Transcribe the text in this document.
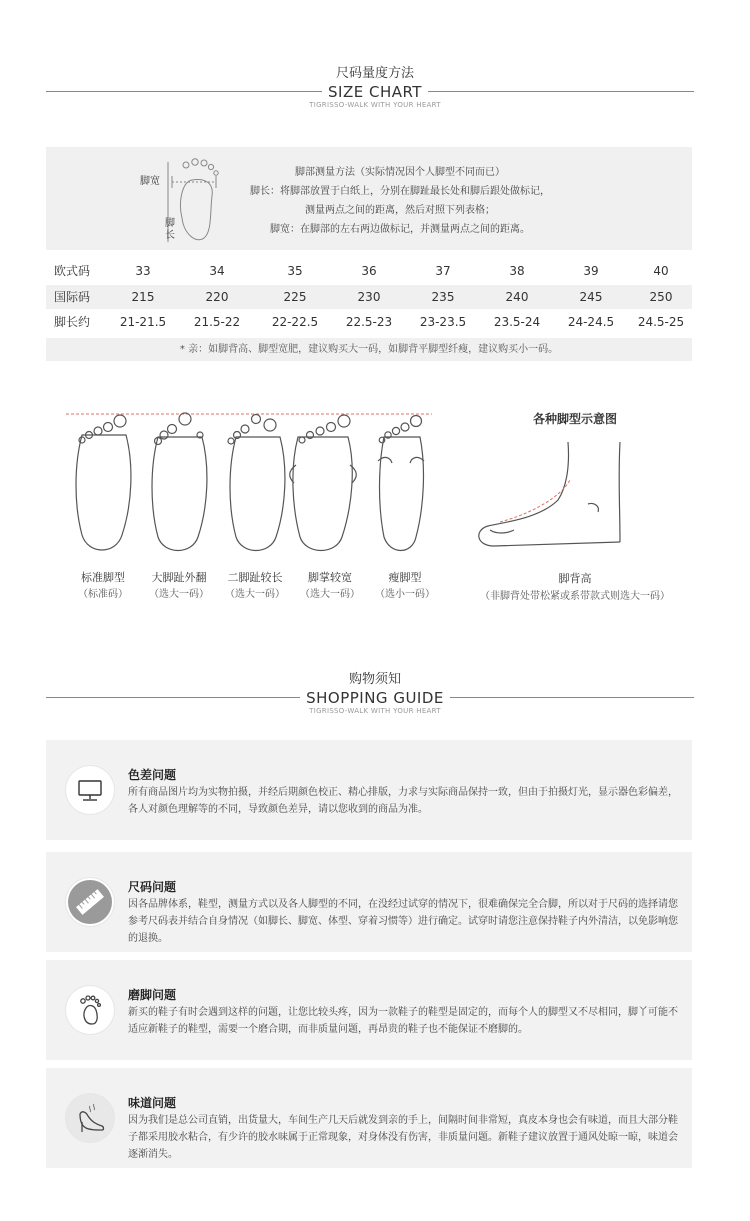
尺码量度方法
SIZE CHART
TIGRISSO-WALK WITH YOUR HEART
脚宽
脚长
脚部测量方法（实际情况因个人脚型不同而已）
脚长：将脚部放置于白纸上，分别在脚趾最长处和脚后跟处做标记，
测量两点之间的距离，然后对照下列表格；
脚宽：在脚部的左右两边做标记，并测量两点之间的距离。
欧式码	33	34	35	36	37	38	39	40
国际码	215	220	225	230	235	240	245	250
脚长约	21-21.5	21.5-22	22-22.5	22.5-23	23-23.5	23.5-24	24-24.5	24.5-25
* 亲：如脚背高、脚型宽肥，建议购买大一码，如脚背平脚型纤瘦，建议购买小一码。
标准脚型
（标准码）
大脚趾外翻
（选大一码）
二脚趾较长
（选大一码）
脚掌较宽
（选大一码）
瘦脚型
（选小一码）
各种脚型示意图
脚背高
（非脚背处带松紧或系带款式则选大一码）
购物须知
SHOPPING GUIDE
TIGRISSO-WALK WITH YOUR HEART
色差问题
所有商品图片均为实物拍摄，并经后期颜色校正、精心排版，力求与实际商品保持一致，但由于拍摄灯光，显示器色彩偏差，各人对颜色理解等的不同，导致颜色差异，请以您收到的商品为准。
尺码问题
因各品牌体系，鞋型，测量方式以及各人脚型的不同，在没经过试穿的情况下，很难确保完全合脚，所以对于尺码的选择请您参考尺码表并结合自身情况（如脚长、脚宽、体型、穿着习惯等）进行确定。试穿时请您注意保持鞋子内外清洁，以免影响您的退换。
磨脚问题
新买的鞋子有时会遇到这样的问题，让您比较头疼，因为一款鞋子的鞋型是固定的，而每个人的脚型又不尽相同，脚丫可能不适应新鞋子的鞋型，需要一个磨合期，而非质量问题，再昂贵的鞋子也不能保证不磨脚的。
味道问题
因为我们是总公司直销，出货量大，车间生产几天后就发到亲的手上，间隔时间非常短，真皮本身也会有味道，而且大部分鞋子都采用胶水粘合，有少许的胶水味属于正常现象，对身体没有伤害，非质量问题。新鞋子建议放置于通风处晾一晾，味道会逐渐消失。
